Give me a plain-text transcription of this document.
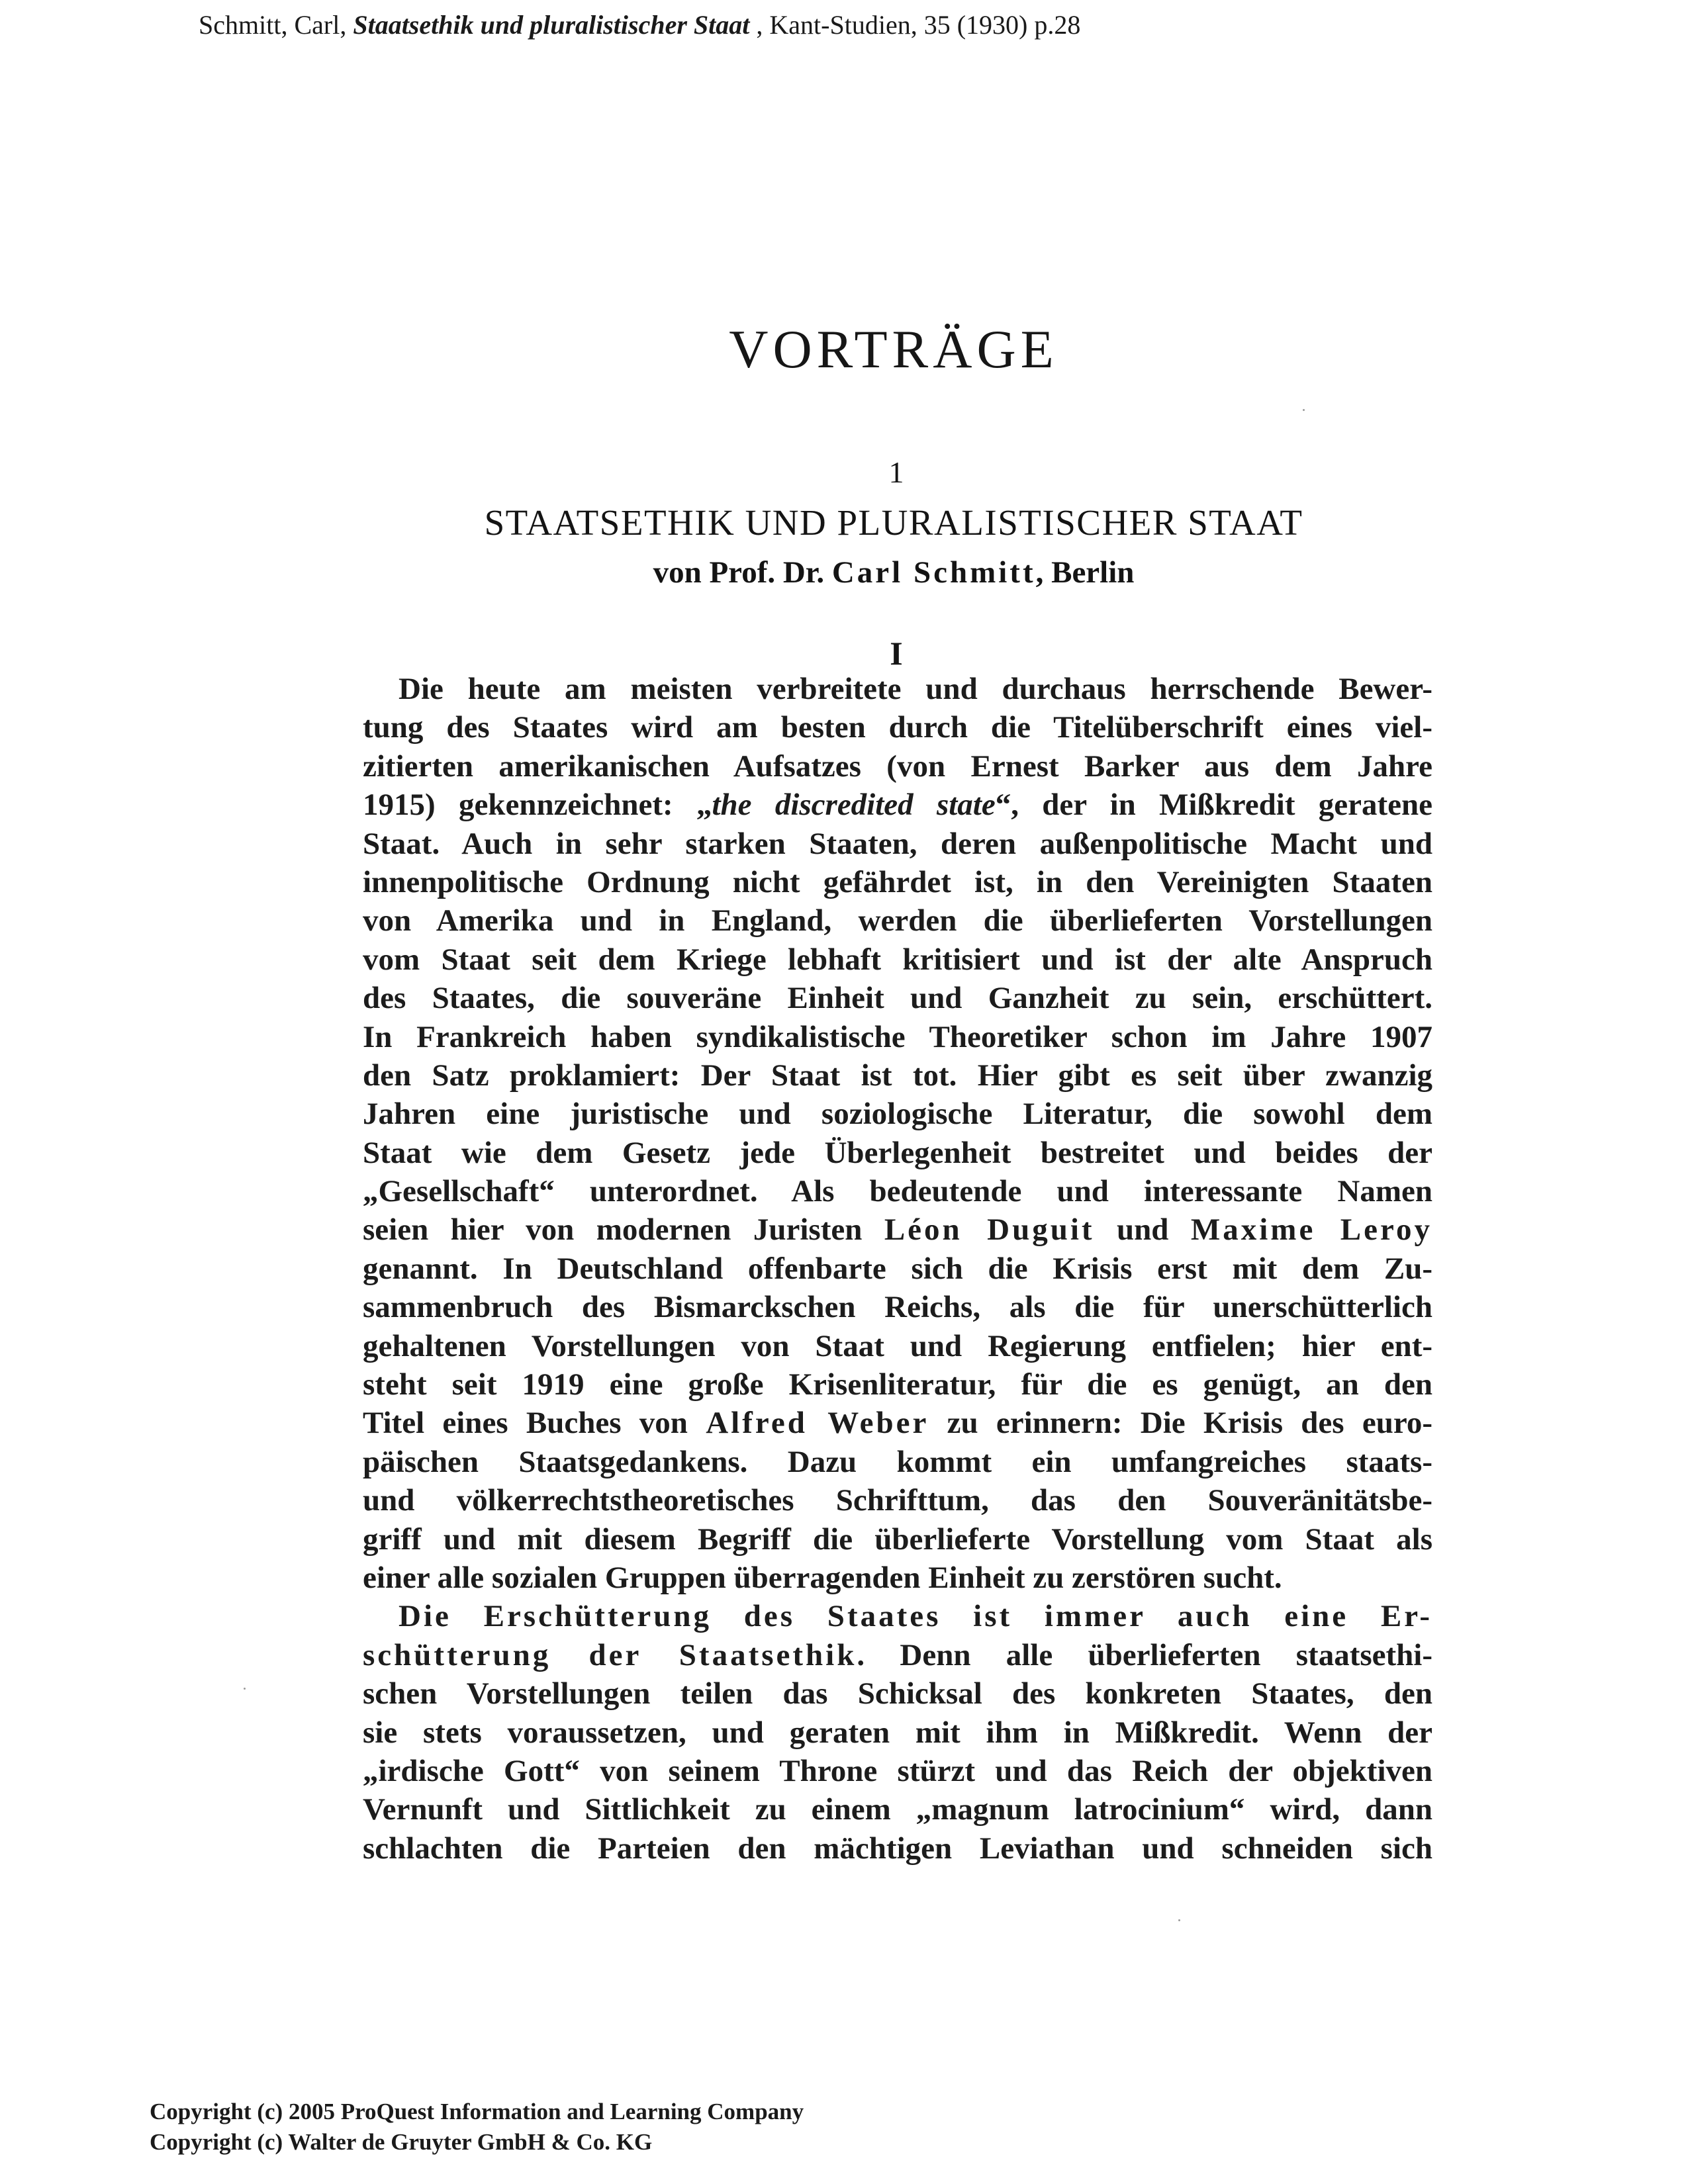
Schmitt, Carl, Staatsethik und pluralistischer Staat , Kant-Studien, 35 (1930) p.28
VORTRÄGE
1
STAATSETHIK UND PLURALISTISCHER STAAT
von Prof. Dr. Carl Schmitt, Berlin
I
Die heute am meisten verbreitete und durchaus herrschende Bewer-
tung des Staates wird am besten durch die Titelüberschrift eines viel-
zitierten amerikanischen Aufsatzes (von Ernest Barker aus dem Jahre
1915) gekennzeichnet: „the discredited state“, der in Mißkredit geratene
Staat. Auch in sehr starken Staaten, deren außenpolitische Macht und
innenpolitische Ordnung nicht gefährdet ist, in den Vereinigten Staaten
von Amerika und in England, werden die überlieferten Vorstellungen
vom Staat seit dem Kriege lebhaft kritisiert und ist der alte Anspruch
des Staates, die souveräne Einheit und Ganzheit zu sein, erschüttert.
In Frankreich haben syndikalistische Theoretiker schon im Jahre 1907
den Satz proklamiert: Der Staat ist tot. Hier gibt es seit über zwanzig
Jahren eine juristische und soziologische Literatur, die sowohl dem
Staat wie dem Gesetz jede Überlegenheit bestreitet und beides der
„Gesellschaft“ unterordnet. Als bedeutende und interessante Namen
seien hier von modernen Juristen Léon Duguit und Maxime Leroy
genannt. In Deutschland offenbarte sich die Krisis erst mit dem Zu-
sammenbruch des Bismarckschen Reichs, als die für unerschütterlich
gehaltenen Vorstellungen von Staat und Regierung entfielen; hier ent-
steht seit 1919 eine große Krisenliteratur, für die es genügt, an den
Titel eines Buches von Alfred Weber zu erinnern: Die Krisis des euro-
päischen Staatsgedankens. Dazu kommt ein umfangreiches staats-
und völkerrechtstheoretisches Schrifttum, das den Souveränitätsbe-
griff und mit diesem Begriff die überlieferte Vorstellung vom Staat als
einer alle sozialen Gruppen überragenden Einheit zu zerstören sucht.
Die Erschütterung des Staates ist immer auch eine Er-
schütterung der Staatsethik. Denn alle überlieferten staatsethi-
schen Vorstellungen teilen das Schicksal des konkreten Staates, den
sie stets voraussetzen, und geraten mit ihm in Mißkredit. Wenn der
„irdische Gott“ von seinem Throne stürzt und das Reich der objektiven
Vernunft und Sittlichkeit zu einem „magnum latrocinium“ wird, dann
schlachten die Parteien den mächtigen Leviathan und schneiden sich
Copyright (c) 2005 ProQuest Information and Learning Company
Copyright (c) Walter de Gruyter GmbH & Co. KG
